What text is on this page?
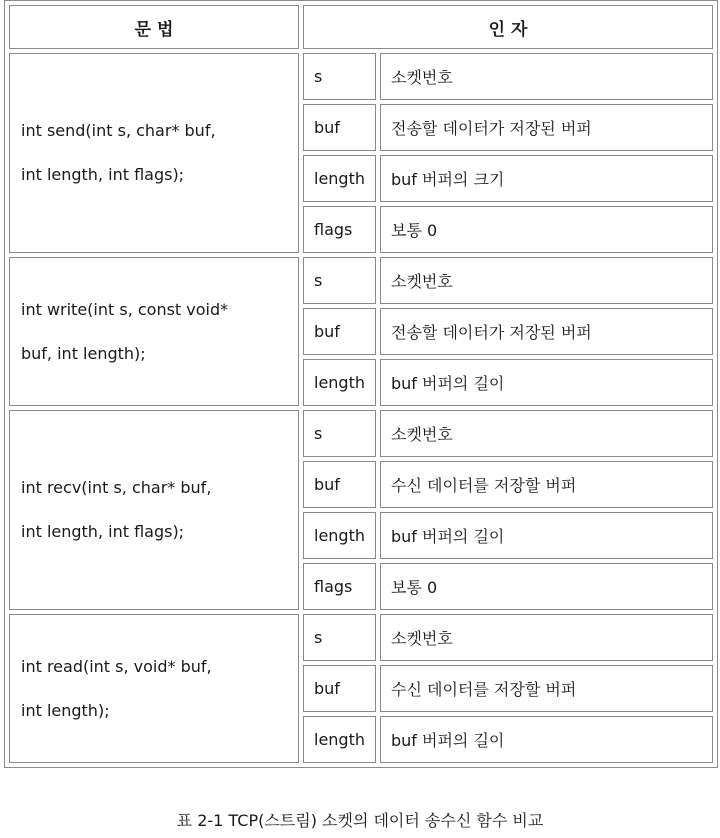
문 법	인 자	

int send(int s, char* buf,
int length, int flags);	s	소켓번호
	buf	전송할 데이터가 저장된 버퍼
	length	buf 버퍼의 크기
	flags	보통 0

int write(int s, const void*
buf, int length);	s	소켓번호
	buf	전송할 데이터가 저장된 버퍼
	length	buf 버퍼의 길이

int recv(int s, char* buf,
int length, int flags);	s	소켓번호
	buf	수신 데이터를 저장할 버퍼
	length	buf 버퍼의 길이
	flags	보통 0

int read(int s, void* buf,
int length);	s	소켓번호
	buf	수신 데이터를 저장할 버퍼
	length	buf 버퍼의 길이
표 2-1 TCP(스트림) 소켓의 데이터 송수신 함수 비교
